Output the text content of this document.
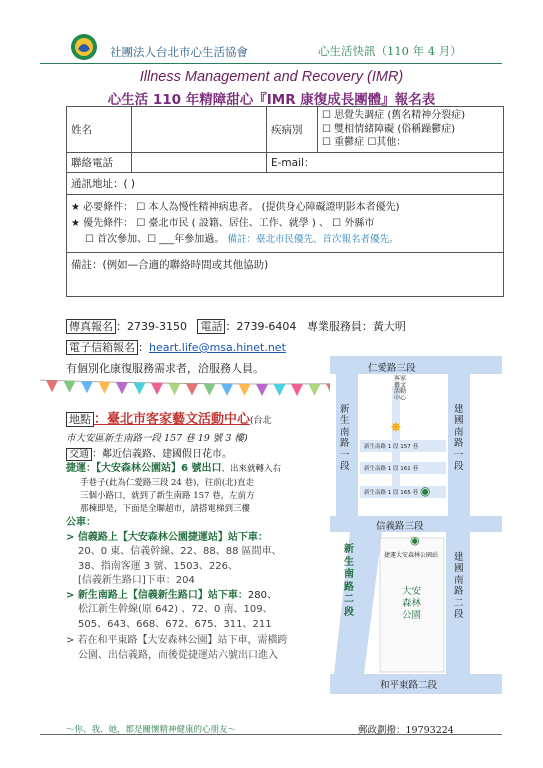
社團法人台北市心生活協會	心生活快訊（110 年 4 月）
Illness Management and Recovery (IMR)
心生活 110 年精障甜心『IMR 康復成長團體』報名表
姓名		疾病別	☐ 思覺失調症 (舊名精神分裂症)
☐ 雙相情緒障礙 (俗稱躁鬱症)
☐ 重鬱症 ☐其他：

聯絡電話		E-mail：	
通訊地址：( )			

★ 必要條件： ☐ 本人為慢性精神病患者。 (提供身心障礙證明影本者優先)
★ 優先條件： ☐ 臺北市民 ( 設籍、居住、工作、就學 ) 、 ☐ 外縣市
☐ 首次參加、☐ ___年參加過。 備註：臺北市民優先、首次報名者優先。			

備註：(例如—合適的聯絡時間或其他協助)			
傳真報名 ：2739-3150 電話 ：2739-6404 專業服務員：黃大明
電子信箱報名 ：heart.life@msa.hinet.net
有個別化康復服務需求者，洽服務人員。
地點 ：臺北市客家藝文活動中心(台北
市大安區新生南路一段 157 巷 19 號 3 樓)
交通 ：鄰近信義路、建國假日花市。
捷運：【大安森林公園站】6 號出口、出來就轉入右
手巷子(此為仁愛路三段 24 巷)，往前(北)直走
三個小路口，就到了新生南路 157 巷，左前方
那棟即是，下面是全聯超市，請搭電梯到三樓
公車：
> 信義路上【大安森林公園捷運站】站下車：
20、0 東、信義幹線、22、88、88 區間車、
38、指南客運 3 號、1503、226、
[信義新生路口]下車：204
> 新生南路上【信義新生路口】站下車：280、
松江新生幹線(原 642) 、72、0 南、109、
505、643、668、672、675、311、211
> 若在和平東路【大安森林公園】站下車，需橫跨
公園、出信義路，而後從捷運站六號出口進入
仁愛路三段
信義路三段
和平東路二段
新
生
南
路
一
段
建
國
南
路
一
段
新
生
南
路
二
段
建
國
南
路
二
段
新生南路 1 段 157 巷
新生南路 1 段 161 巷
新生南路 1 段 165 巷
客家
藝文
活動
中心
✸
◉
◉
捷運大安森林公園站
大安
森林
公園
～你、我、她，都是關懷精神健康的心朋友～	郵政劃撥：19793224
